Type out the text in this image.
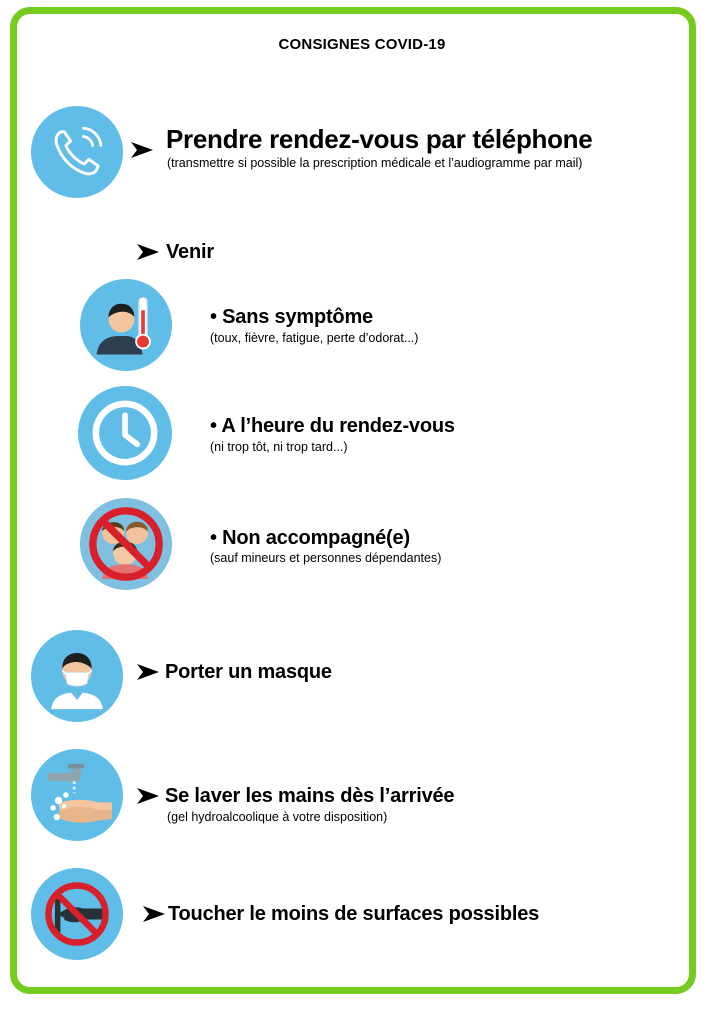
CONSIGNES COVID-19
Prendre rendez-vous par téléphone
(transmettre si possible la prescription médicale et l’audiogramme par mail)
Venir
• Sans symptôme
(toux, fièvre, fatigue, perte d’odorat...)
• A l’heure du rendez-vous
(ni trop tôt, ni trop tard...)
• Non accompagné(e)
(sauf mineurs et personnes dépendantes)
Porter un masque
Se laver les mains dès l’arrivée
(gel hydroalcoolique à votre disposition)
Toucher le moins de surfaces possibles
